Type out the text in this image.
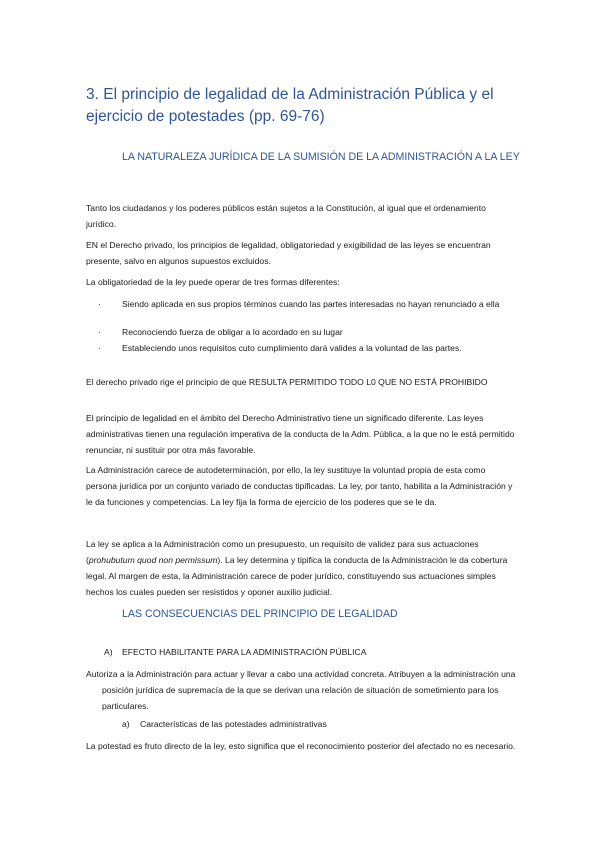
3. El principio de legalidad de la Administración Pública y el ejercicio de potestades (pp. 69-76)
LA NATURALEZA JURÍDICA DE LA SUMISIÓN DE LA ADMINISTRACIÓN A LA LEY

Tanto los ciudadanos y los poderes públicos están sujetos a la Constitución, al igual que el ordenamiento jurídico.

EN el Derecho privado, los principios de legalidad, obligatoriedad y exigibilidad de las leyes se encuentran presente, salvo en algunos supuestos excluidos.

La obligatoriedad de la ley puede operar de tres formas diferentes:

· Siendo aplicada en sus propios términos cuando las partes interesadas no hayan renunciado a ella

· Reconociendo fuerza de obligar a lo acordado en su lugar

· Estableciendo unos requisitos cuto cumplimiento dará valides a la voluntad de las partes.

El derecho privado rige el principio de que RESULTA PERMITIDO TODO L0 QUE NO ESTÁ PROHIBIDO

El principio de legalidad en el ámbito del Derecho Administrativo tiene un significado diferente. Las leyes administrativas tienen una regulación imperativa de la conducta de la Adm. Pública, a la que no le está permitido renunciar, ni sustituir por otra más favorable.

La Administración carece de autodeterminación, por ello, la ley sustituye la voluntad propia de esta como persona jurídica por un conjunto variado de conductas tipificadas. La ley, por tanto, habilita a la Administración y le da funciones y competencias. La ley fija la forma de ejercicio de los poderes que se le da.

La ley se aplica a la Administración como un presupuesto, un requisito de validez para sus actuaciones (prohubutum quod non permissum). La ley determina y tipifica la conducta de la Administración le da cobertura legal. Al margen de esta, la Administración carece de poder jurídico, constituyendo sus actuaciones simples hechos los cuales pueden ser resistidos y oponer auxilio judicial.

LAS CONSECUENCIAS DEL PRINCIPIO DE LEGALIDAD
A) EFECTO HABILITANTE PARA LA ADMINISTRACIÓN PÚBLICA

Autoriza a la Administración para actuar y llevar a cabo una actividad concreta. Atribuyen a la administración una posición jurídica de supremacía de la que se derivan una relación de situación de sometimiento para los particulares.

a) Características de las potestades administrativas

La potestad es fruto directo de la ley, esto significa que el reconocimiento posterior del afectado no es necesario.
